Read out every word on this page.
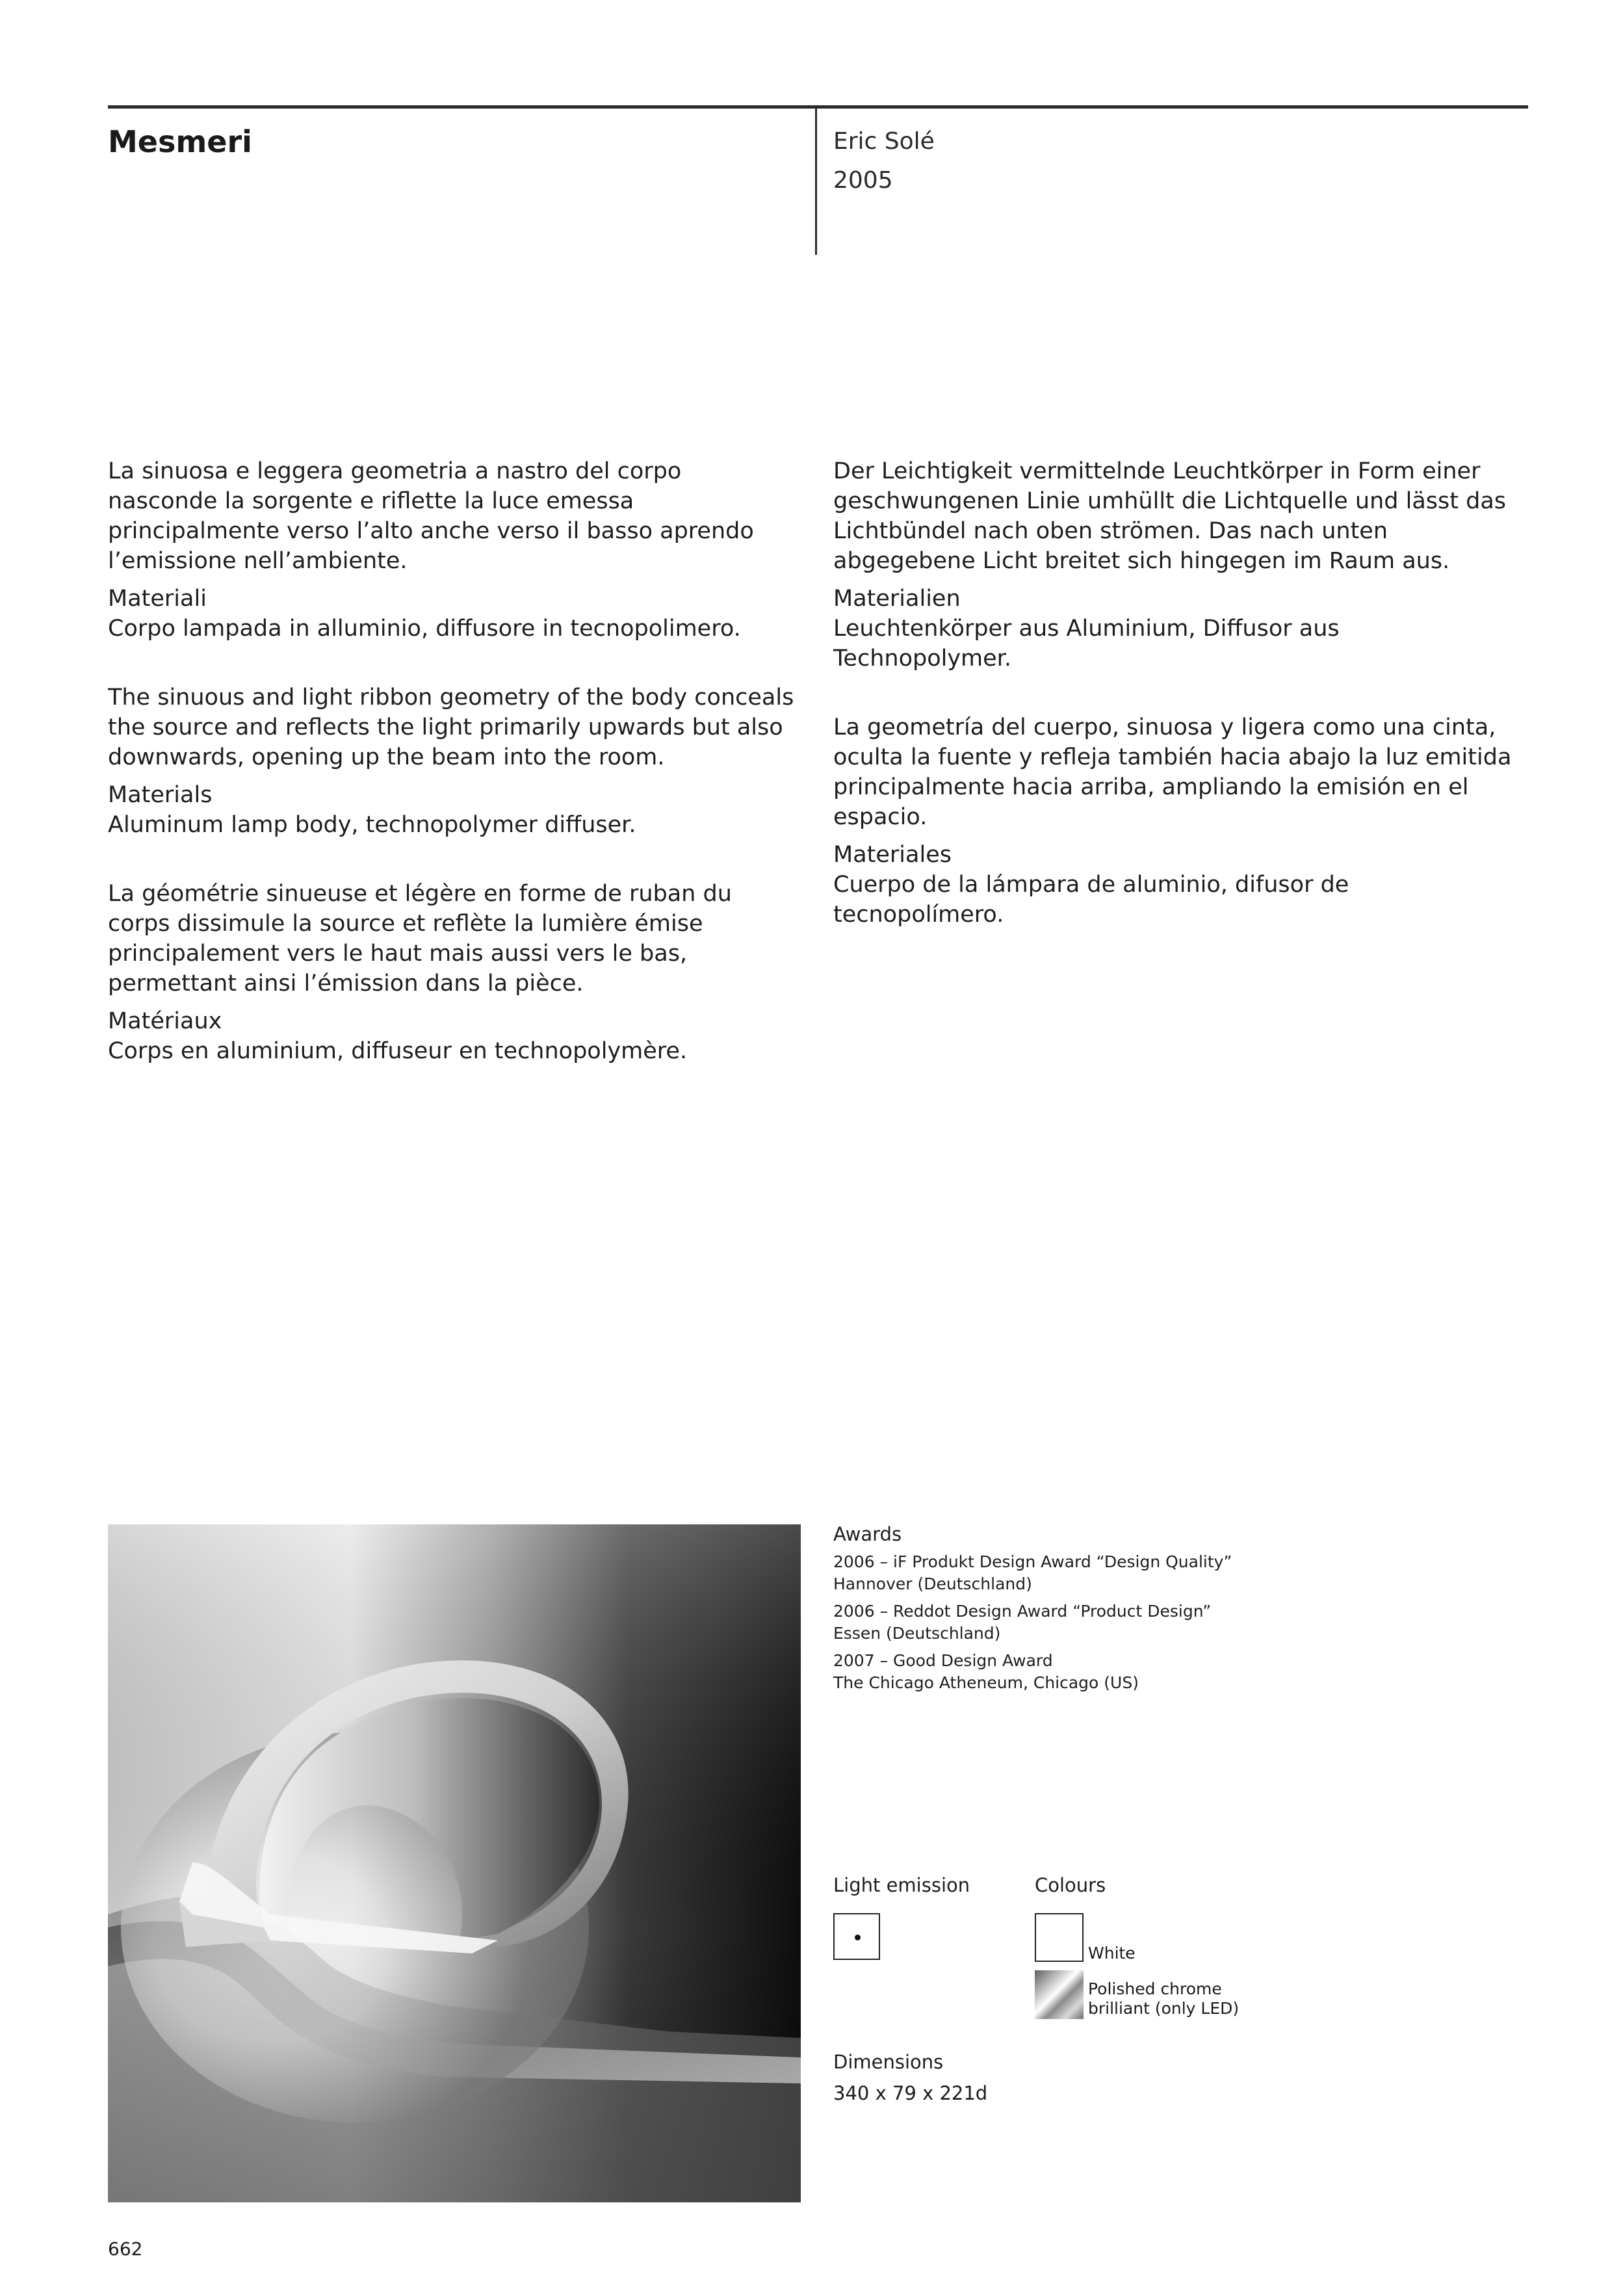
Mesmeri	Eric Solé
2005

La sinuosa e leggera geometria a nastro del corpo nasconde la sorgente e riflette la luce emessa principalmente verso l’alto anche verso il basso aprendo l’emissione nell’ambiente.

Materiali

Corpo lampada in alluminio, diffusore in tecnopolimero.

The sinuous and light ribbon geometry of the body conceals the source and reflects the light primarily upwards but also downwards, opening up the beam into the room.

Materials

Aluminum lamp body, technopolymer diffuser.

La géométrie sinueuse et légère en forme de ruban du corps dissimule la source et reflète la lumière émise principalement vers le haut mais aussi vers le bas, permettant ainsi l’émission dans la pièce.

Matériaux

Corps en aluminium, diffuseur en technopolymère.

Der Leichtigkeit vermittelnde Leuchtkörper in Form einer geschwungenen Linie umhüllt die Lichtquelle und lässt das Lichtbündel nach oben strömen. Das nach unten abgegebene Licht breitet sich hingegen im Raum aus.

Materialien

Leuchtenkörper aus Aluminium, Diffusor aus Technopolymer.

La geometría del cuerpo, sinuosa y ligera como una cinta, oculta la fuente y refleja también hacia abajo la luz emitida principalmente hacia arriba, ampliando la emisión en el espacio.

Materiales

Cuerpo de la lámpara de aluminio, difusor de tecnopolímero.

Awards
2006 – iF Produkt Design Award “Design Quality”
Hannover (Deutschland)
2006 – Reddot Design Award “Product Design”
Essen (Deutschland)
2007 – Good Design Award
The Chicago Atheneum, Chicago (US)
Light emission	Colours
White
Polished chrome
brilliant (only LED)
Dimensions
340 x 79 x 221d
662
